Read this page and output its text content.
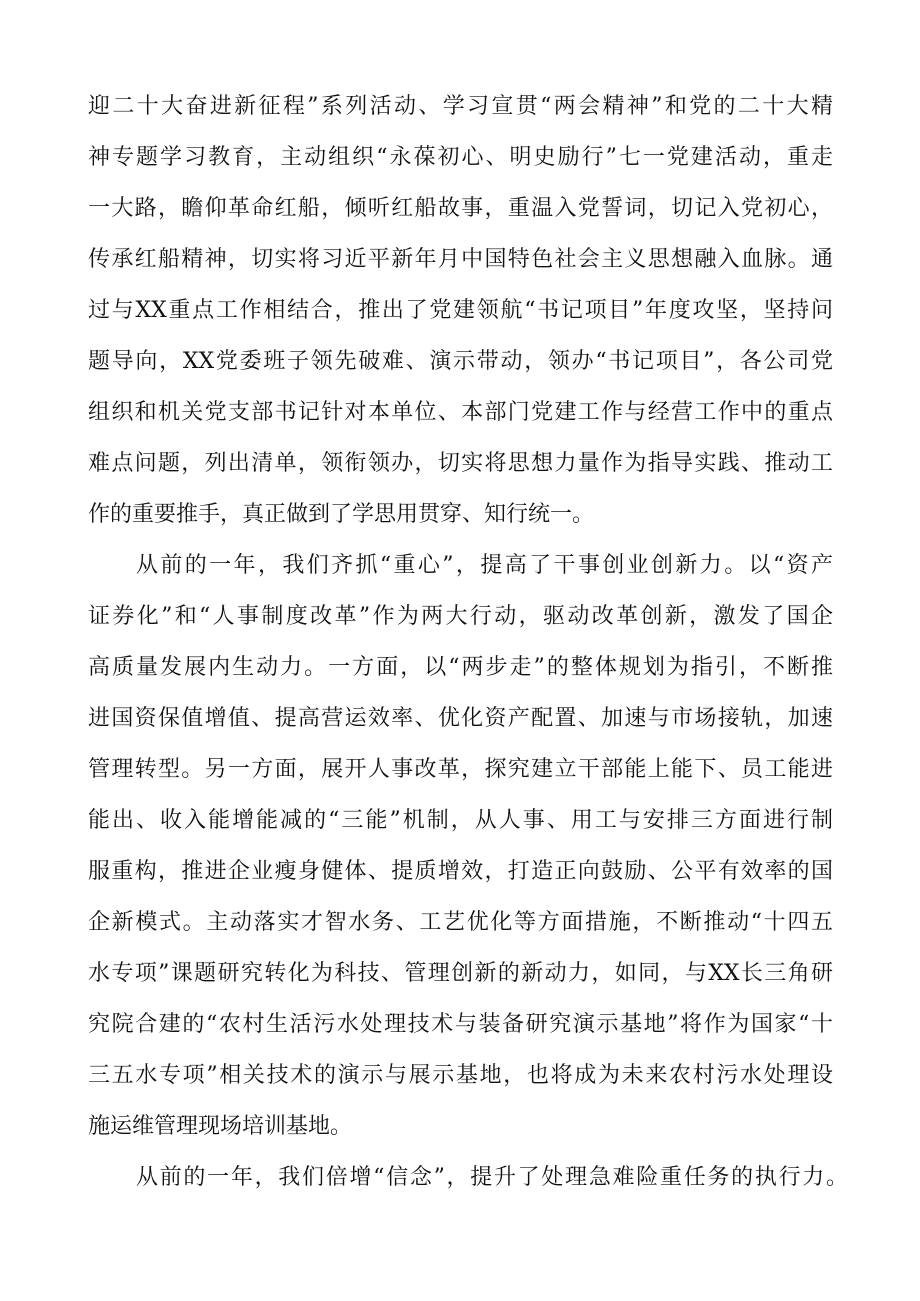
迎二十大奋进新征程”系列活动、学习宣贯“两会精神”和党的二十大精
神专题学习教育，主动组织“永葆初心、明史励行”七一党建活动，重走
一大路，瞻仰革命红船，倾听红船故事，重温入党誓词，切记入党初心，
传承红船精神，切实将习近平新年月中国特色社会主义思想融入血脉。通
过与XX重点工作相结合，推出了党建领航“书记项目”年度攻坚，坚持问
题导向，XX党委班子领先破难、演示带动，领办“书记项目”，各公司党
组织和机关党支部书记针对本单位、本部门党建工作与经营工作中的重点
难点问题，列出清单，领衔领办，切实将思想力量作为指导实践、推动工
作的重要推手，真正做到了学思用贯穿、知行统一。
从前的一年，我们齐抓“重心”，提高了干事创业创新力。以“资产
证券化”和“人事制度改革”作为两大行动，驱动改革创新，激发了国企
高质量发展内生动力。一方面，以“两步走”的整体规划为指引，不断推
进国资保值增值、提高营运效率、优化资产配置、加速与市场接轨，加速
管理转型。另一方面，展开人事改革，探究建立干部能上能下、员工能进
能出、收入能增能减的“三能”机制，从人事、用工与安排三方面进行制
服重构，推进企业瘦身健体、提质增效，打造正向鼓励、公平有效率的国
企新模式。主动落实才智水务、工艺优化等方面措施，不断推动“十四五
水专项”课题研究转化为科技、管理创新的新动力，如同，与XX长三角研
究院合建的“农村生活污水处理技术与装备研究演示基地”将作为国家“十
三五水专项”相关技术的演示与展示基地，也将成为未来农村污水处理设
施运维管理现场培训基地。
从前的一年，我们倍增“信念”，提升了处理急难险重任务的执行力。
